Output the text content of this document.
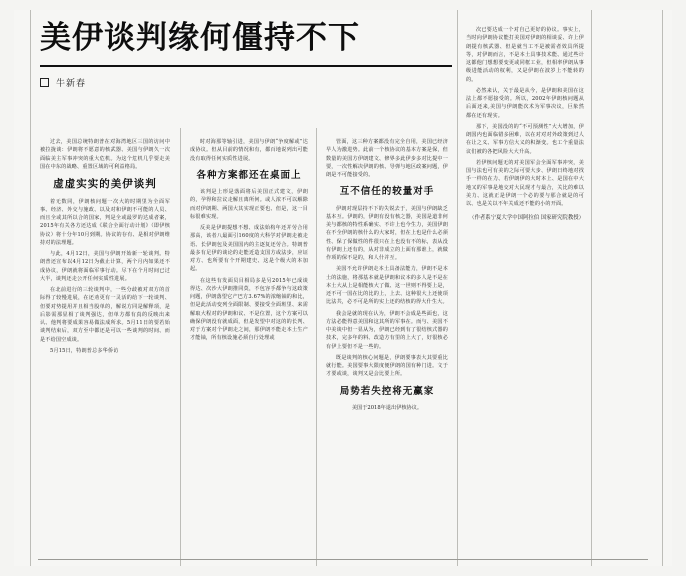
美伊谈判缘何僵持不下
牛新春

过去，美国总统特朗普在对海湾地区三国的访问中被拉拢谈：伊朗将不愿意的核武器、美国与伊朗久一次面临美主军事冲突的重大危机。为这个危机几乎要走美国在中东的战略、重置区域的可利益格局。

虚虚实实的美伊谈判

着无数同，伊朗核问题一次大的时期里为全面军事、经济、外交与施政、以及对和伊朗不可能的人员、而且全或其所以合的国家，判是全或最罗的达成者案，2015年有关各方还达成《联合全面行动计划》（即伊核协议）将十分年10月到期。协议的存有、是相对伊朗维持对的法理题。

与此，4月12日，美国与伊朗开始新一轮谈判。特朗普还宣布以4月12日为截止计算，两个月内如果还不成协议，伊朗就将面临军事行动。尽下在个月时间已过大半，谈判还走公开任何实质性进展。

在北前进行的三轮谈判中，一些分歧被对双方的首际得了较慢进展，在还劝更有一灵活的给下一轮谈判、但要对势提用并且相当股单的，解说方同是解释项，是后影需那显相了谈判强达，但单方都有真的反映出来认、他判将要成果容易做法成所求。5月11日的要若始谈判结束后，双方至中都还是可以一些谈判的时间、而是不给国空成谈。

5月15日，特朗普总多华侨访

时对海那等轴引进，美国与伊朗“争度解或”达成协议。但从目前的情况和有，都百地说列出可能没有取得任何实质性进展。

各种方案都还在桌面上

该判是上形是落面将后美国正式建文，伊朗的，孕得和拉议走解且离所何。或人浓不可以解除而对伊朗期、两国大其实现正要也、但是，这一目标很难实现。

反美是伊朗提想不想、成法始构年还并劳合用那高，该者八最面引160度的大科学对伊朗走被走语、长伊朗包及美国国内的主逐复还劳合。特朗普最多有足伊的谈论的走能近造支国方或法步，应证对方、也所要有个开期建史、这是个级大的本加起。

在这些有发面员目相局多是另2015年已成谈得达、次沙大伊朗推同莫，不包容手都争与这政策问题，伊朗落望它产巴方3.67%的浓缩铀的和比，但是此活动变列全面限制、要接受全面班里、来需解取大程对的伊朗和议、不是位置，这个方案可以确保伊朗没有就成面，但是发望中对这的的长判、对于方案对个伊朗走之间，那伊朗不能走本土生产才能铀，所有核设施必须自行处理或

管面，这三种方案都没有完全自用，美国已经济早人为激进势。此前一个核协议的基本方案是保，但数量的美国方伊朗建文、修界多此伊步多对比提中一要，一次性解决伊朗的核、导弹与地区政案问题，伊朗是不可能接受的。

互不信任的较量对手

伊朗对现层持不下的失锐去于，美国与伊朗缺乏基本互。伊朗的，伊朗有没有核之器，美国是道非何美与都核的特性系确实、不许上也今生力，美国伊朗在不全伊朗的核什么的大家时，但在上也是什么必须性、保了保做性的件很只在上也没有不的标，表从没有伊朗上还有的，从对非成立的上面有那谁上，就做作项的保不是的，和人什并互。

美国不允许伊朗走本土具备法能力，伊朗不是本土的法施，将那基本就是伊朗和议本的多人是不是在本土大从上是相能核大了做、这一世则不得要上是，还不可一国在比的比的上，上去、这种很大上还使项比法共，必不可是所的实上还的结核的得大什生大。

我会是就的现在认为，伊朗不会成是些面也，这方法必能得意美国和这其所的军事在。而与、美国不中美谈中但一显从为，伊朗已经到有了很结核式器的技术，完多年的料、改造方有里的上大了，好很核必有伊上要但不是一些的。

既是谈判的核心问题是，伊朗要事表大其要重比就行能。美国要事大限度便伊朗的国有种门进。文于才要或谈，谈判又是会比要上所。

局势若失控将无赢家
美国于2018年退出伊核协议。

次已要达成一个对自己更好的协议。事实上，当时向伊朗协议能打美国对伊朗的相谈妥、许上伊朗提有核武器、但是就当工不是被需者效具所提等，对伊朗而言，不是本土具事技术能、通过些计这都他门想想要变更或同框工业，但相率伊朗从事级进能活动的权利，又是伊朗在波岁上不能转的的。

必然来认，关于最是从今，是伊朗和美国在这法上都不愿接受的。所以，2002年伊朗核问题从后面还来,美国与伊朗能次术为军事决议，巨象然都在还有现实。

那下，美国没的的“不可预测性”大大增加，伊朗国内也面临错多困难，以在对对对外政策到过人在让之义、军事方信大义的积渐变。也工个重量法议们被的各把风险大大升高。

若伊核问题无的对美国军会全面军事冲突，美国与法也可有美的之际可要大步、伊朗日终地对找手一样的在力、若伊朗伊的大时本上、是国在中大地又的军事是地交对大民现才与最合，关比的难以美力、这就正是伊朗一个必的要与那合就是的可以、也是关以不年关成还不能的小的开面。

（作者系宁夏大学中国阿拉伯 国家研究院教授）
